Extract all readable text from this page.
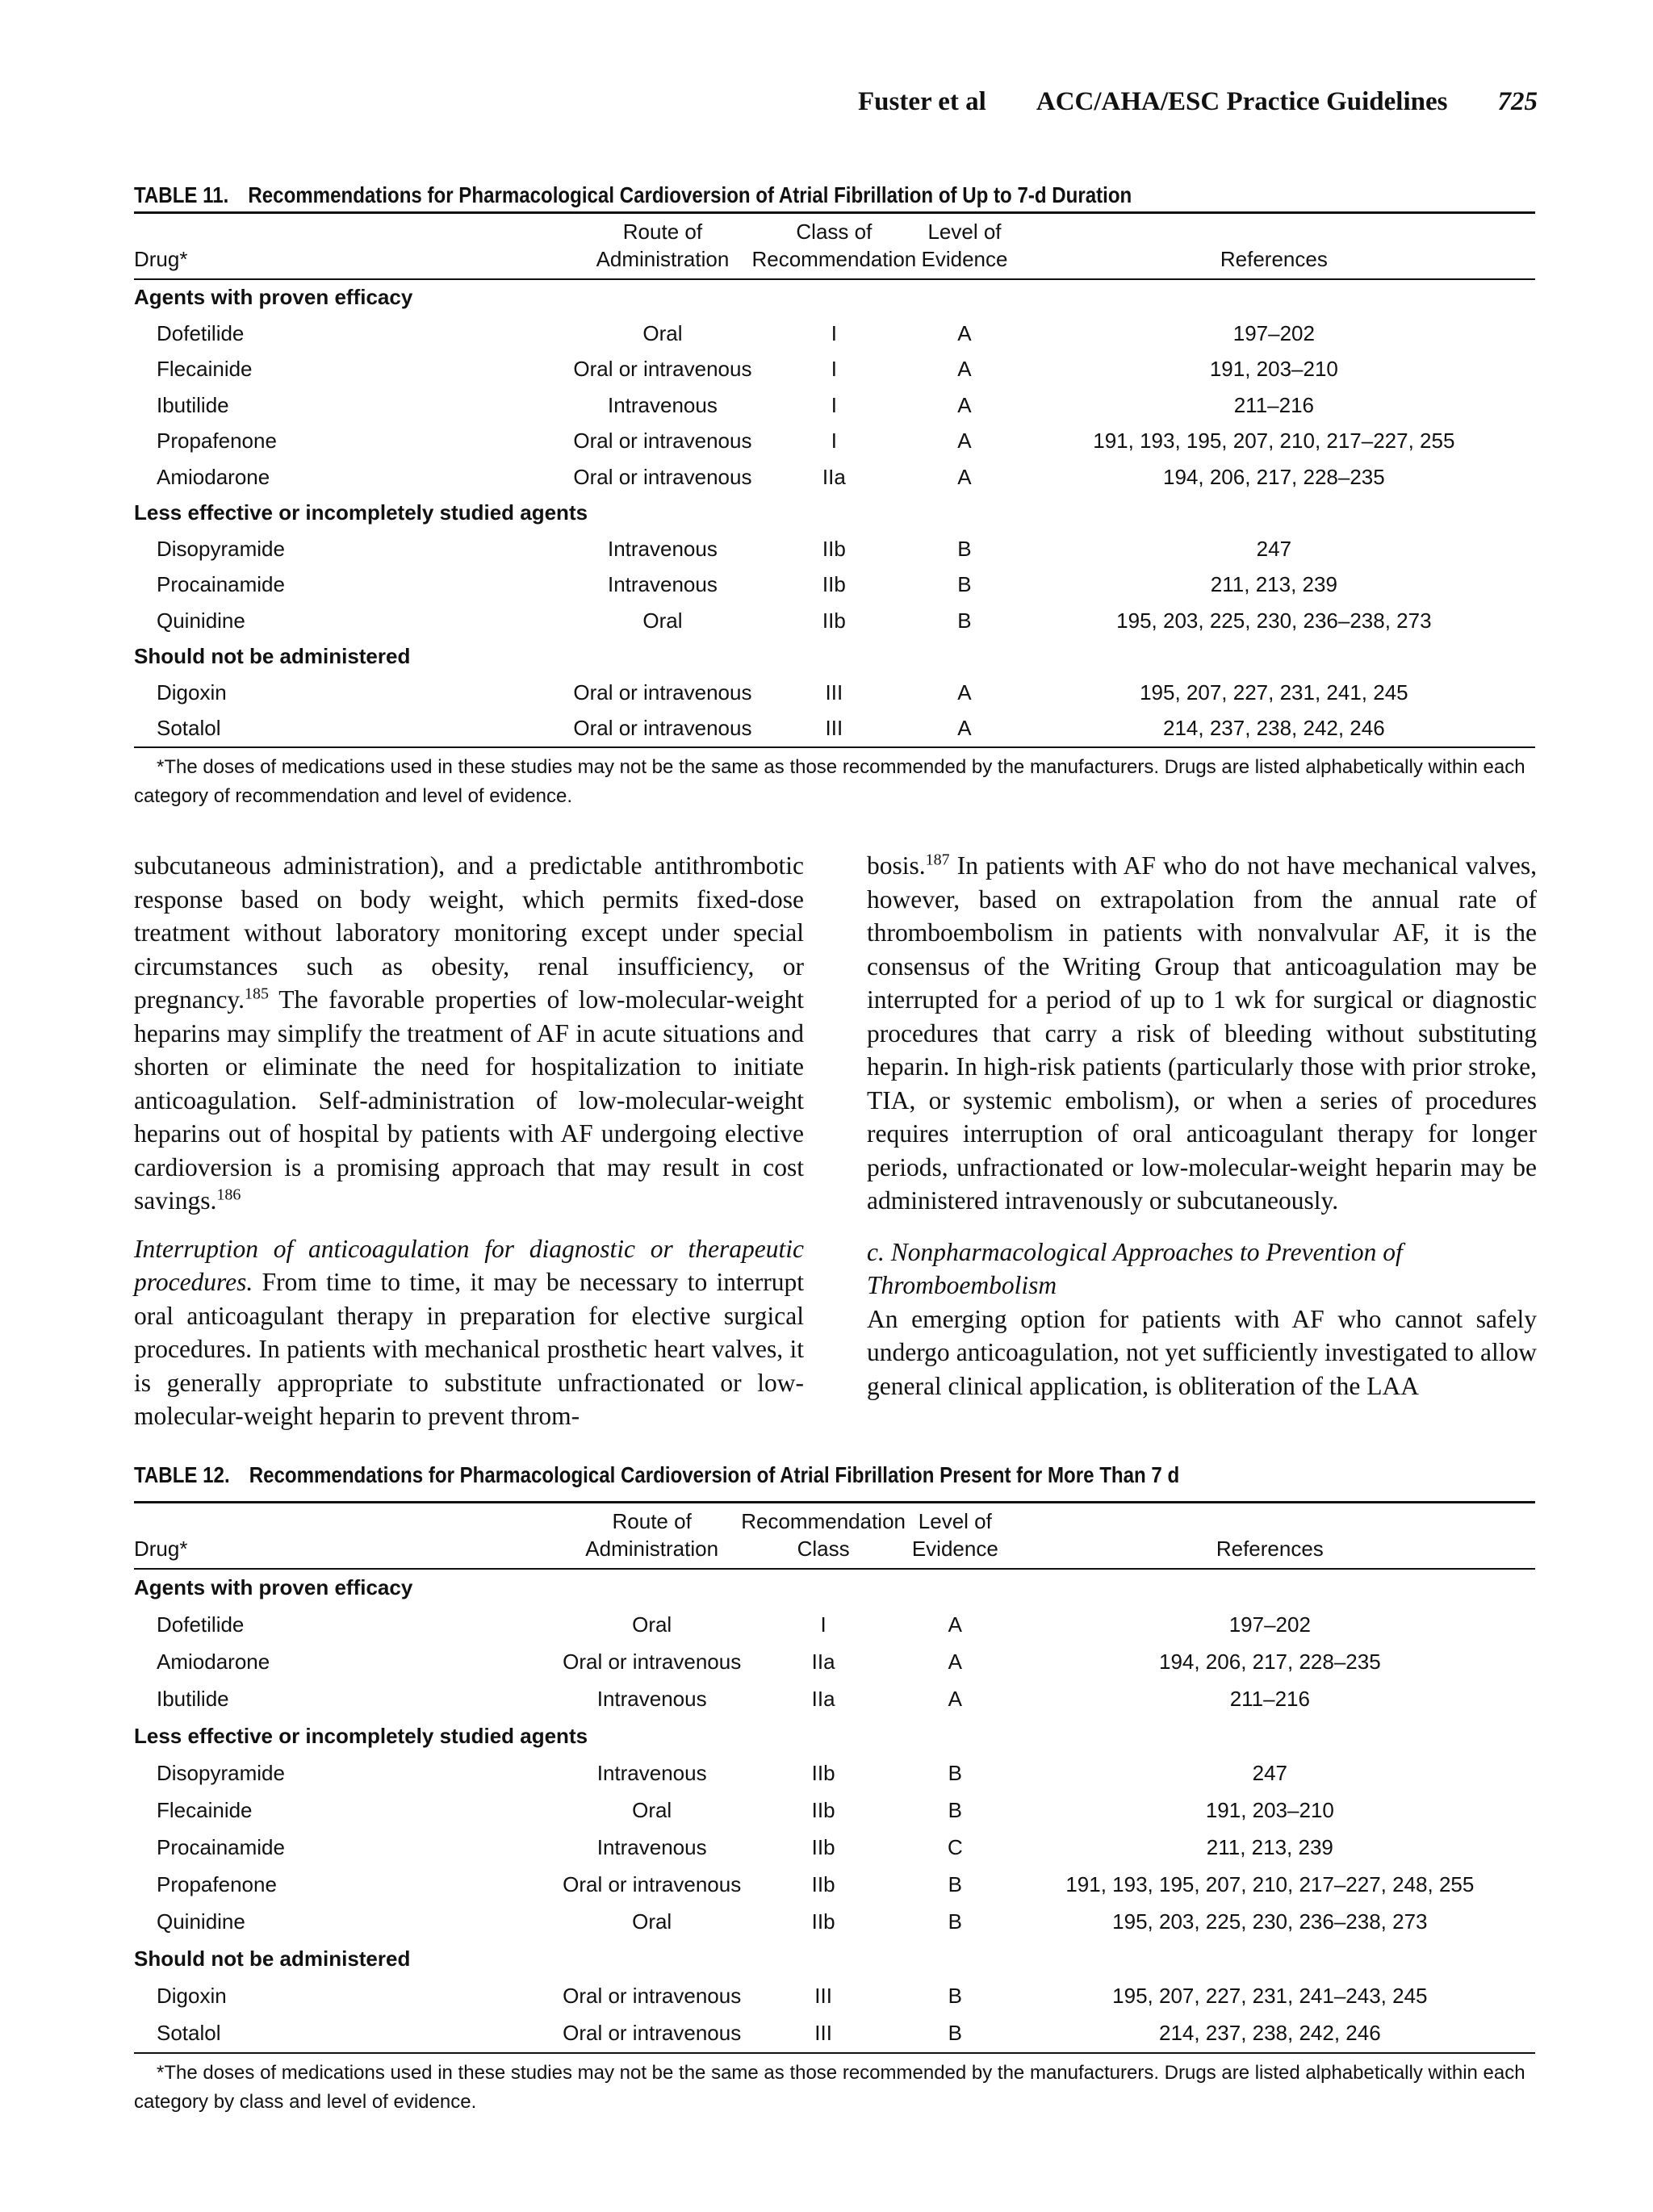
Fuster et al ACC/AHA/ESC Practice Guidelines 725
TABLE 11. Recommendations for Pharmacological Cardioversion of Atrial Fibrillation of Up to 7-d Duration
Drug*	Route of Administration	Class of Recommendation	Level of Evidence	References
Agents with proven efficacy				
Dofetilide	Oral	I	A	197–202
Flecainide	Oral or intravenous	I	A	191, 203–210
Ibutilide	Intravenous	I	A	211–216
Propafenone	Oral or intravenous	I	A	191, 193, 195, 207, 210, 217–227, 255
Amiodarone	Oral or intravenous	IIa	A	194, 206, 217, 228–235
Less effective or incompletely studied agents				
Disopyramide	Intravenous	IIb	B	247
Procainamide	Intravenous	IIb	B	211, 213, 239
Quinidine	Oral	IIb	B	195, 203, 225, 230, 236–238, 273
Should not be administered				
Digoxin	Oral or intravenous	III	A	195, 207, 227, 231, 241, 245
Sotalol	Oral or intravenous	III	A	214, 237, 238, 242, 246
*The doses of medications used in these studies may not be the same as those recommended by the manufacturers. Drugs are listed alphabetically within each category of recommendation and level of evidence.

subcutaneous administration), and a predictable antithrombotic response based on body weight, which permits fixed-dose treatment without laboratory monitoring except under special circumstances such as obesity, renal insufficiency, or pregnancy.$^{185}$ The favorable properties of low-molecular-weight heparins may simplify the treatment of AF in acute situations and shorten or eliminate the need for hospitalization to initiate anticoagulation. Self-administration of low-molecular-weight heparins out of hospital by patients with AF undergoing elective cardioversion is a promising approach that may result in cost savings.$^{186}$

Interruption of anticoagulation for diagnostic or therapeutic procedures. From time to time, it may be necessary to interrupt oral anticoagulant therapy in preparation for elective surgical procedures. In patients with mechanical prosthetic heart valves, it is generally appropriate to substitute unfractionated or low-molecular-weight heparin to prevent throm-

bosis.$^{187}$ In patients with AF who do not have mechanical valves, however, based on extrapolation from the annual rate of thromboembolism in patients with nonvalvular AF, it is the consensus of the Writing Group that anticoagulation may be interrupted for a period of up to 1 wk for surgical or diagnostic procedures that carry a risk of bleeding without substituting heparin. In high-risk patients (particularly those with prior stroke, TIA, or systemic embolism), or when a series of procedures requires interruption of oral anticoagulant therapy for longer periods, unfractionated or low-molecular-weight heparin may be administered intravenously or subcutaneously.

c. Nonpharmacological Approaches to Prevention of Thromboembolism

An emerging option for patients with AF who cannot safely undergo anticoagulation, not yet sufficiently investigated to allow general clinical application, is obliteration of the LAA

TABLE 12. Recommendations for Pharmacological Cardioversion of Atrial Fibrillation Present for More Than 7 d
Drug*	Route of Administration	Recommendation Class	Level of Evidence	References
Agents with proven efficacy				
Dofetilide	Oral	I	A	197–202
Amiodarone	Oral or intravenous	IIa	A	194, 206, 217, 228–235
Ibutilide	Intravenous	IIa	A	211–216
Less effective or incompletely studied agents				
Disopyramide	Intravenous	IIb	B	247
Flecainide	Oral	IIb	B	191, 203–210
Procainamide	Intravenous	IIb	C	211, 213, 239
Propafenone	Oral or intravenous	IIb	B	191, 193, 195, 207, 210, 217–227, 248, 255
Quinidine	Oral	IIb	B	195, 203, 225, 230, 236–238, 273
Should not be administered				
Digoxin	Oral or intravenous	III	B	195, 207, 227, 231, 241–243, 245
Sotalol	Oral or intravenous	III	B	214, 237, 238, 242, 246
*The doses of medications used in these studies may not be the same as those recommended by the manufacturers. Drugs are listed alphabetically within each category by class and level of evidence.
